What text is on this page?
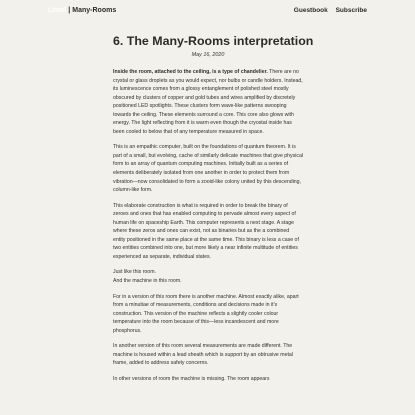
Listel | Many-Rooms	Guestbook Subscribe
6. The Many-Rooms interpretation
May 16, 2020

Inside the room, attached to the ceiling, is a type of chandelier. There are no crystal or glass droplets as you would expect, nor bulbs or candle holders. Instead, its luminescence comes from a glossy entanglement of polished steel mostly obscured by clusters of copper and gold tubes and wires amplified by discretely positioned LED spotlights. These clusters form wave-like patterns swooping towards the ceiling. These elements surround a core. This core also glows with energy. The light reflecting from it is warm even though the cryostat inside has been cooled to below that of any temperature measured in space.

This is an empathic computer, built on the foundations of quantum theorem. It is part of a small, but evolving, cache of similarly delicate machines that give physical form to an array of quantum computing machines. Initially built as a series of elements deliberately isolated from one another in order to protect them from vibration—now consolidated to form a zooid-like colony united by this descending, column-like form.

This elaborate construction is what is required in order to break the binary of zeroes and ones that has enabled computing to pervade almost every aspect of human life on spaceship Earth. This computer represents a next stage. A stage where these zeros and ones can exist, not as binaries but as the a combined entity positioned in the same place at the same time. This binary is less a case of two entities combined into one, but more likely a near infinite multitude of entities experienced as separate, individual states.

Just like this room.
And the machine in this room.

For in a version of this room there is another machine. Almost exactly alike, apart from a minutiae of measurements, conditions and decisions made in it's construction. This version of the machine reflects a slightly cooler colour temperature into the room because of this—less incandescent and more phosphorus.

In another version of this room several measurements are made different. The machine is housed within a lead sheath which is support by an obtrusive metal frame, added to address safety concerns.

In other versions of room the machine is missing. The room appears
